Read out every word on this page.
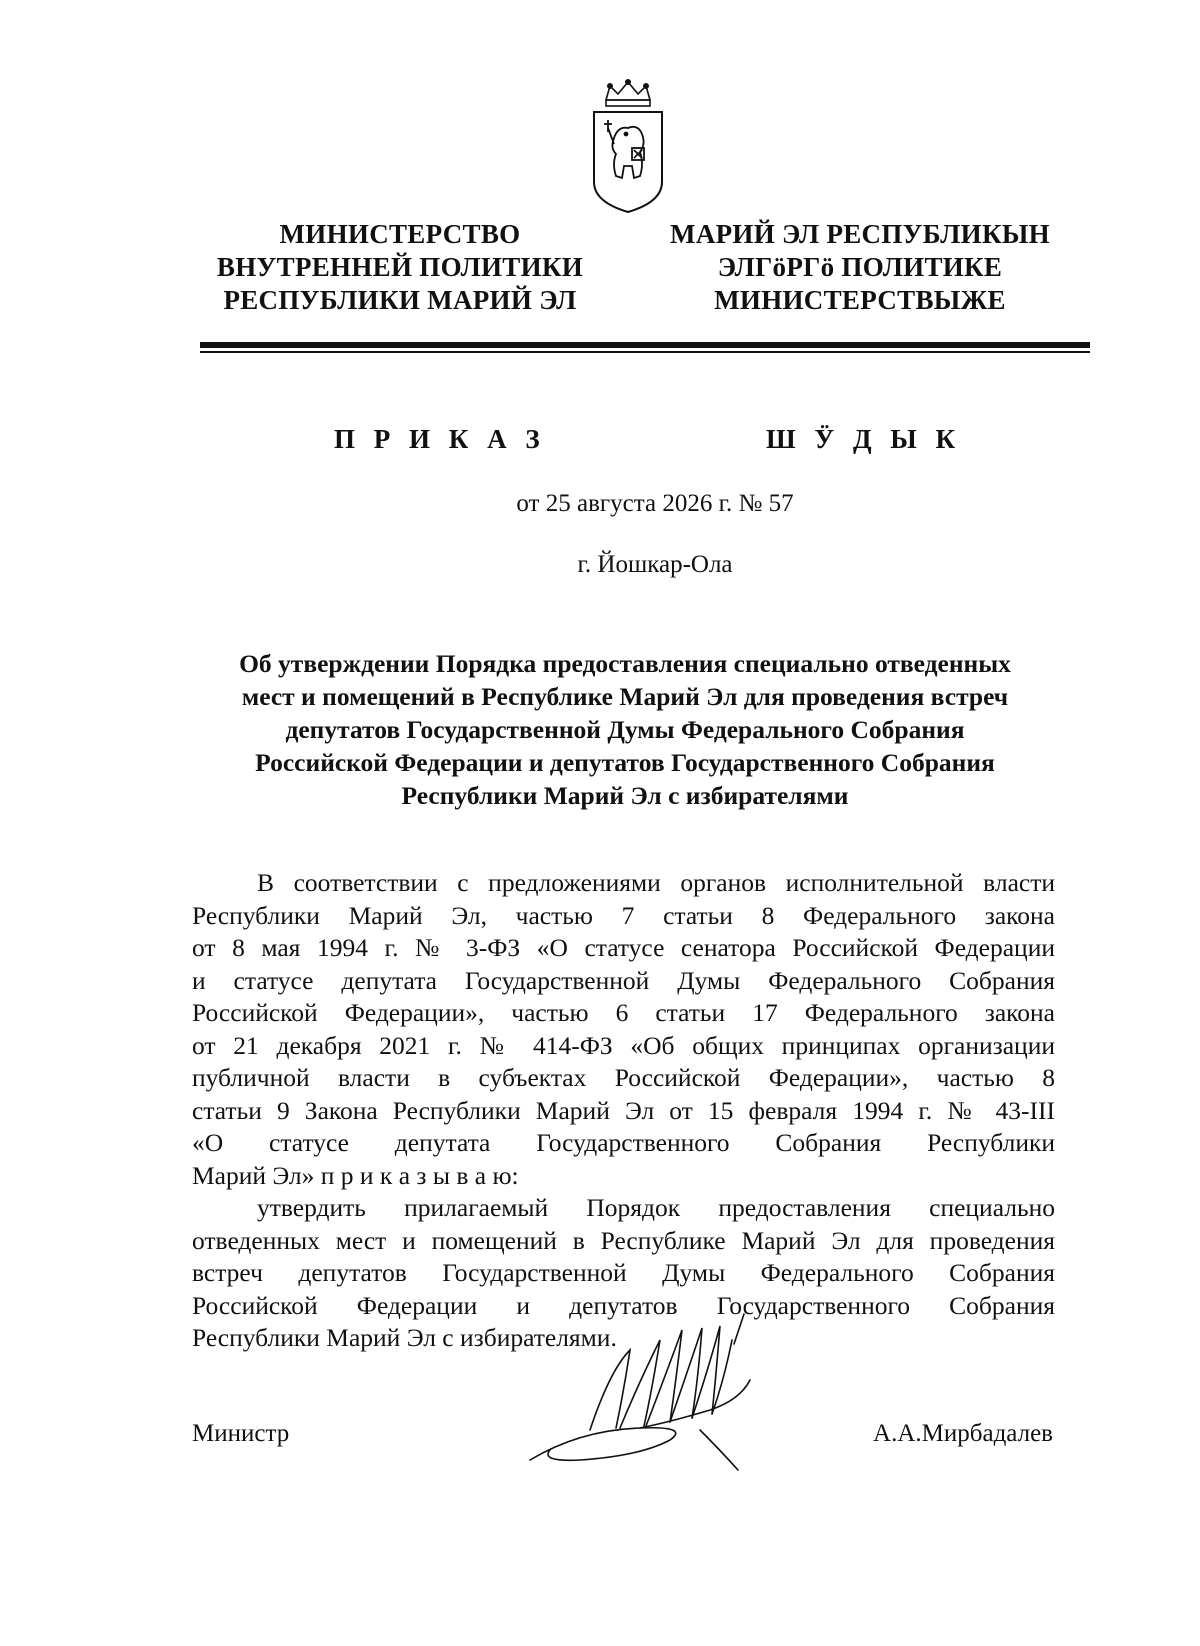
МИНИСТЕРСТВО
ВНУТРЕННЕЙ ПОЛИТИКИ
РЕСПУБЛИКИ МАРИЙ ЭЛ
МАРИЙ ЭЛ РЕСПУБЛИКЫН
ЭЛГӧРГӧ ПОЛИТИКЕ
МИНИСТЕРСТВЫЖЕ
П Р И К А З	Ш Ӱ Д Ы К
от 25 августа 2026 г. № 57
г. Йошкар-Ола
Об утверждении Порядка предоставления специально отведенных
мест и помещений в Республике Марий Эл для проведения встреч
депутатов Государственной Думы Федерального Собрания
Российской Федерации и депутатов Государственного Собрания
Республики Марий Эл с избирателями
В соответствии с предложениями органов исполнительной власти
Республики Марий Эл, частью 7 статьи 8 Федерального закона
от 8 мая 1994 г. № 3-ФЗ «О статусе сенатора Российской Федерации
и статусе депутата Государственной Думы Федерального Собрания
Российской Федерации», частью 6 статьи 17 Федерального закона
от 21 декабря 2021 г. № 414-ФЗ «Об общих принципах организации
публичной власти в субъектах Российской Федерации», частью 8
статьи 9 Закона Республики Марий Эл от 15 февраля 1994 г. № 43-III
«О статусе депутата Государственного Собрания Республики
Марий Эл» п р и к а з ы в а ю:
утвердить прилагаемый Порядок предоставления специально
отведенных мест и помещений в Республике Марий Эл для проведения
встреч депутатов Государственной Думы Федерального Собрания
Российской Федерации и депутатов Государственного Собрания
Республики Марий Эл с избирателями.
Министр	А.А.Мирбадалев
